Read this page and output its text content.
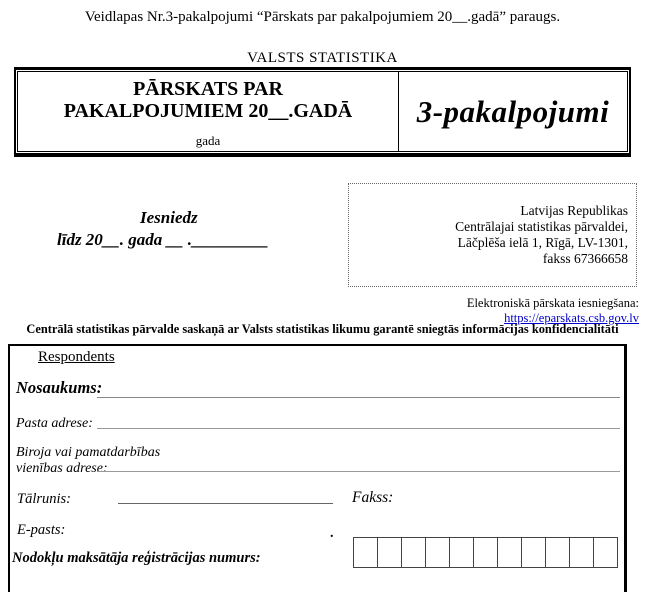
Veidlapas Nr.3-pakalpojumi “Pārskats par pakalpojumiem 20__.gadā” paraugs.
VALSTS STATISTIKA
PĀRSKATS PAR
PAKALPOJUMIEM 20__.GADĀ
gada
3-pakalpojumi
Iesniedz
līdz 20__. gada __ ._________
Latvijas Republikas
Centrālajai statistikas pārvaldei,
Lāčplēša ielā 1, Rīgā, LV-1301,
fakss 67366658
Elektroniskā pārskata iesniegšana: https://eparskats.csb.gov.lv
Centrālā statistikas pārvalde saskaņā ar Valsts statistikas likumu garantē sniegtās informācijas konfidencialitāti
Respondents
Nosaukums:
Pasta adrese:
Biroja vai pamatdarbības
vienības adrese:
Tālrunis:	Fakss:
E-pasts:	.
Nodokļu maksātāja reģistrācijas numurs:
